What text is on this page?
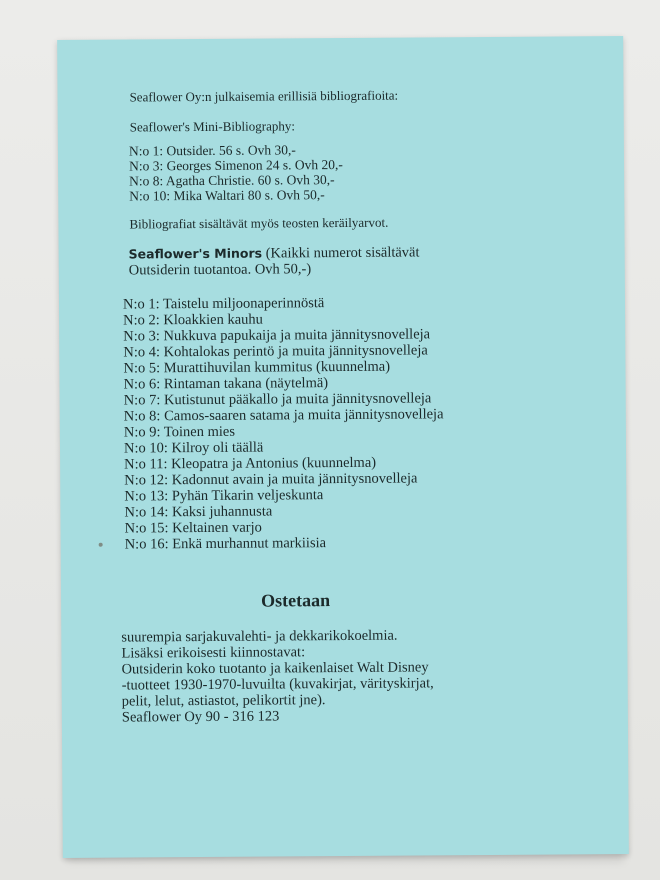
Seaflower Oy:n julkaisemia erillisiä bibliografioita:
Seaflower's Mini-Bibliography:
N:o 1: Outsider. 56 s. Ovh 30,-
N:o 3: Georges Simenon 24 s. Ovh 20,-
N:o 8: Agatha Christie. 60 s. Ovh 30,-
N:o 10: Mika Waltari 80 s. Ovh 50,-
Bibliografiat sisältävät myös teosten keräilyarvot.
Seaflower's Minors (Kaikki numerot sisältävät
Outsiderin tuotantoa. Ovh 50,-)
N:o 1: Taistelu miljoonaperinnöstä
N:o 2: Kloakkien kauhu
N:o 3: Nukkuva papukaija ja muita jännitysnovelleja
N:o 4: Kohtalokas perintö ja muita jännitysnovelleja
N:o 5: Murattihuvilan kummitus (kuunnelma)
N:o 6: Rintaman takana (näytelmä)
N:o 7: Kutistunut pääkallo ja muita jännitysnovelleja
N:o 8: Camos-saaren satama ja muita jännitysnovelleja
N:o 9: Toinen mies
N:o 10: Kilroy oli täällä
N:o 11: Kleopatra ja Antonius (kuunnelma)
N:o 12: Kadonnut avain ja muita jännitysnovelleja
N:o 13: Pyhän Tikarin veljeskunta
N:o 14: Kaksi juhannusta
N:o 15: Keltainen varjo
N:o 16: Enkä murhannut markiisia
Ostetaan
suurempia sarjakuvalehti- ja dekkarikokoelmia.
Lisäksi erikoisesti kiinnostavat:
Outsiderin koko tuotanto ja kaikenlaiset Walt Disney
-tuotteet 1930-1970-luvuilta (kuvakirjat, värityskirjat,
pelit, lelut, astiastot, pelikortit jne).
Seaflower Oy 90 - 316 123
